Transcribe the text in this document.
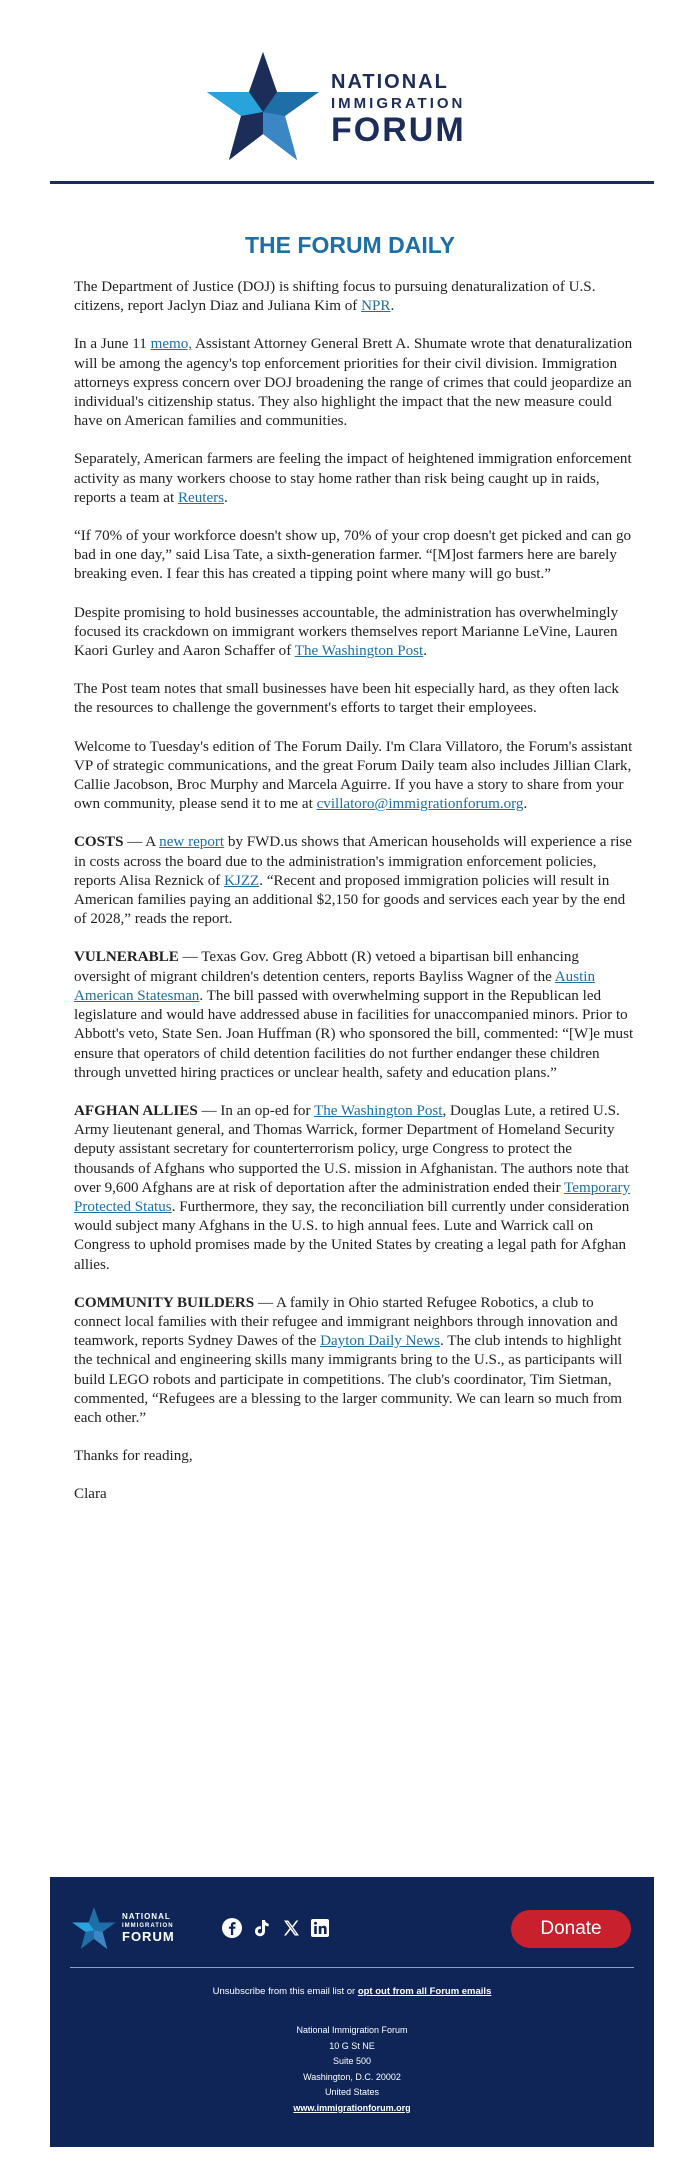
NATIONAL
IMMIGRATION
FORUM
THE FORUM DAILY

The Department of Justice (DOJ) is shifting focus to pursuing denaturalization of U.S. citizens, report Jaclyn Diaz and Juliana Kim of NPR.

In a June 11 memo, Assistant Attorney General Brett A. Shumate wrote that denaturalization will be among the agency's top enforcement priorities for their civil division. Immigration attorneys express concern over DOJ broadening the range of crimes that could jeopardize an individual's citizenship status. They also highlight the impact that the new measure could have on American families and communities.

Separately, American farmers are feeling the impact of heightened immigration enforcement activity as many workers choose to stay home rather than risk being caught up in raids, reports a team at Reuters.

“If 70% of your workforce doesn't show up, 70% of your crop doesn't get picked and can go bad in one day,” said Lisa Tate, a sixth-generation farmer. “[M]ost farmers here are barely breaking even. I fear this has created a tipping point where many will go bust.”

Despite promising to hold businesses accountable, the administration has overwhelmingly focused its crackdown on immigrant workers themselves report Marianne LeVine, Lauren Kaori Gurley and Aaron Schaffer of The Washington Post.

The Post team notes that small businesses have been hit especially hard, as they often lack the resources to challenge the government's efforts to target their employees.

Welcome to Tuesday's edition of The Forum Daily. I'm Clara Villatoro, the Forum's assistant VP of strategic communications, and the great Forum Daily team also includes Jillian Clark, Callie Jacobson, Broc Murphy and Marcela Aguirre. If you have a story to share from your own community, please send it to me at cvillatoro@immigrationforum.org.

COSTS — A new report by FWD.us shows that American households will experience a rise in costs across the board due to the administration's immigration enforcement policies, reports Alisa Reznick of KJZZ. “Recent and proposed immigration policies will result in American families paying an additional $2,150 for goods and services each year by the end of 2028,” reads the report.

VULNERABLE — Texas Gov. Greg Abbott (R) vetoed a bipartisan bill enhancing oversight of migrant children's detention centers, reports Bayliss Wagner of the Austin American Statesman. The bill passed with overwhelming support in the Republican led legislature and would have addressed abuse in facilities for unaccompanied minors. Prior to Abbott's veto, State Sen. Joan Huffman (R) who sponsored the bill, commented: “[W]e must ensure that operators of child detention facilities do not further endanger these children through unvetted hiring practices or unclear health, safety and education plans.”

AFGHAN ALLIES — In an op-ed for The Washington Post, Douglas Lute, a retired U.S. Army lieutenant general, and Thomas Warrick, former Department of Homeland Security deputy assistant secretary for counterterrorism policy, urge Congress to protect the thousands of Afghans who supported the U.S. mission in Afghanistan. The authors note that over 9,600 Afghans are at risk of deportation after the administration ended their Temporary Protected Status. Furthermore, they say, the reconciliation bill currently under consideration would subject many Afghans in the U.S. to high annual fees. Lute and Warrick call on Congress to uphold promises made by the United States by creating a legal path for Afghan allies.

COMMUNITY BUILDERS — A family in Ohio started Refugee Robotics, a club to connect local families with their refugee and immigrant neighbors through innovation and teamwork, reports Sydney Dawes of the Dayton Daily News. The club intends to highlight the technical and engineering skills many immigrants bring to the U.S., as participants will build LEGO robots and participate in competitions. The club's coordinator, Tim Sietman, commented, “Refugees are a blessing to the larger community. We can learn so much from each other.”

Thanks for reading,

Clara

NATIONAL
IMMIGRATION
FORUM	Donate
Unsubscribe from this email list or opt out from all Forum emails
National Immigration Forum
10 G St NE
Suite 500
Washington, D.C. 20002
United States
www.immigrationforum.org
